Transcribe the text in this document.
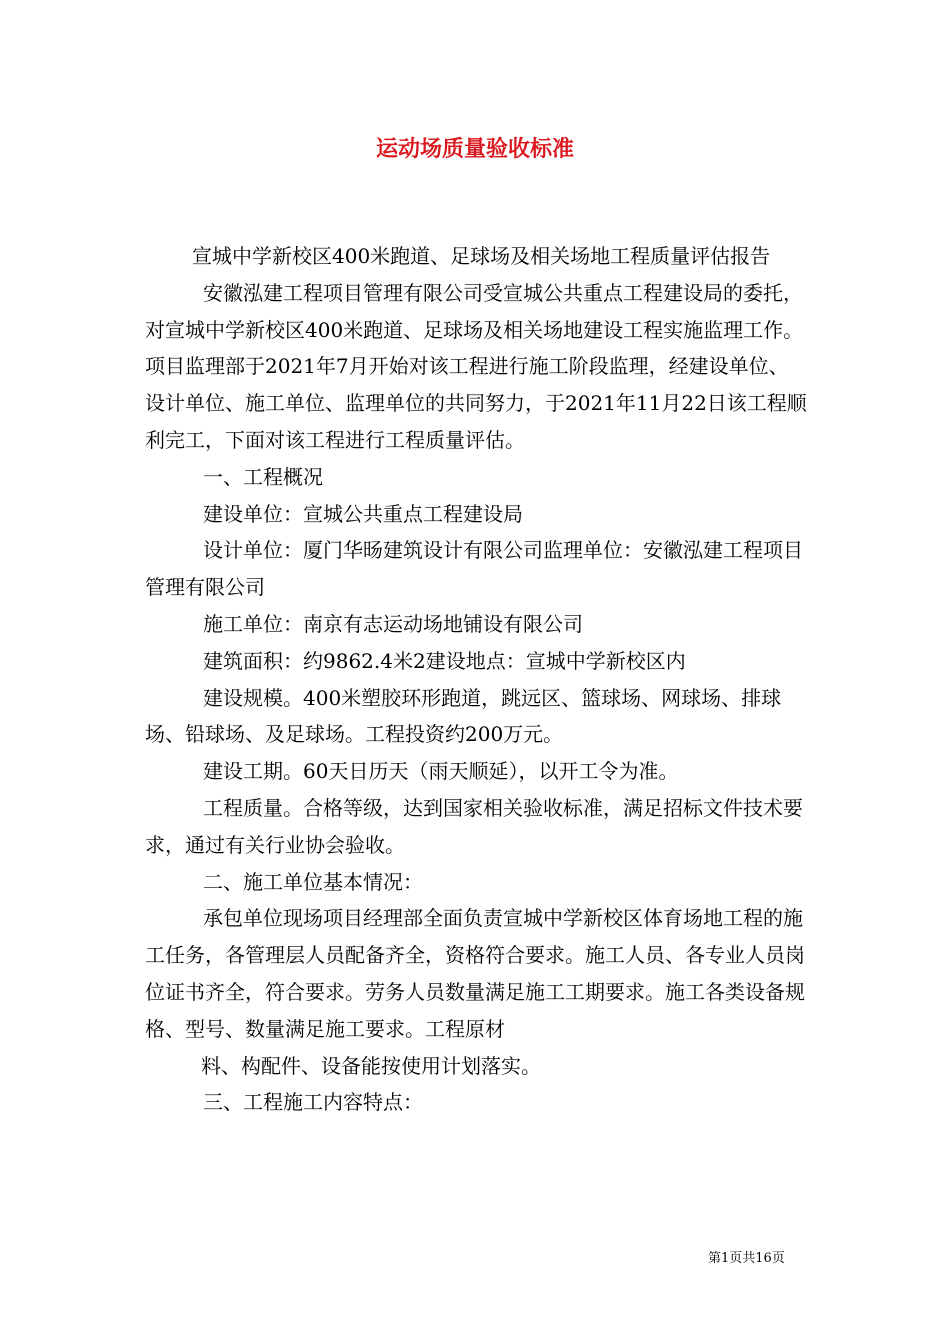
运动场质量验收标准

宣城中学新校区400米跑道、足球场及相关场地工程质量评估报告

安徽泓建工程项目管理有限公司受宣城公共重点工程建设局的委托，对宣城中学新校区400米跑道、足球场及相关场地建设工程实施监理工作。项目监理部于2021年7月开始对该工程进行施工阶段监理，经建设单位、设计单位、施工单位、监理单位的共同努力，于2021年11月22日该工程顺利完工，下面对该工程进行工程质量评估。

一、工程概况

建设单位：宣城公共重点工程建设局

设计单位：厦门华旸建筑设计有限公司监理单位：安徽泓建工程项目管理有限公司

施工单位：南京有志运动场地铺设有限公司

建筑面积：约9862.4米2建设地点：宣城中学新校区内

建设规模。400米塑胶环形跑道，跳远区、篮球场、网球场、排球场、铅球场、及足球场。工程投资约200万元。

建设工期。60天日历天（雨天顺延），以开工令为准。

工程质量。合格等级，达到国家相关验收标准，满足招标文件技术要求，通过有关行业协会验收。

二、施工单位基本情况：

承包单位现场项目经理部全面负责宣城中学新校区体育场地工程的施工任务，各管理层人员配备齐全，资格符合要求。施工人员、各专业人员岗位证书齐全，符合要求。劳务人员数量满足施工工期要求。施工各类设备规格、型号、数量满足施工要求。工程原材

料、构配件、设备能按使用计划落实。

三、工程施工内容特点：

第1页共16页
